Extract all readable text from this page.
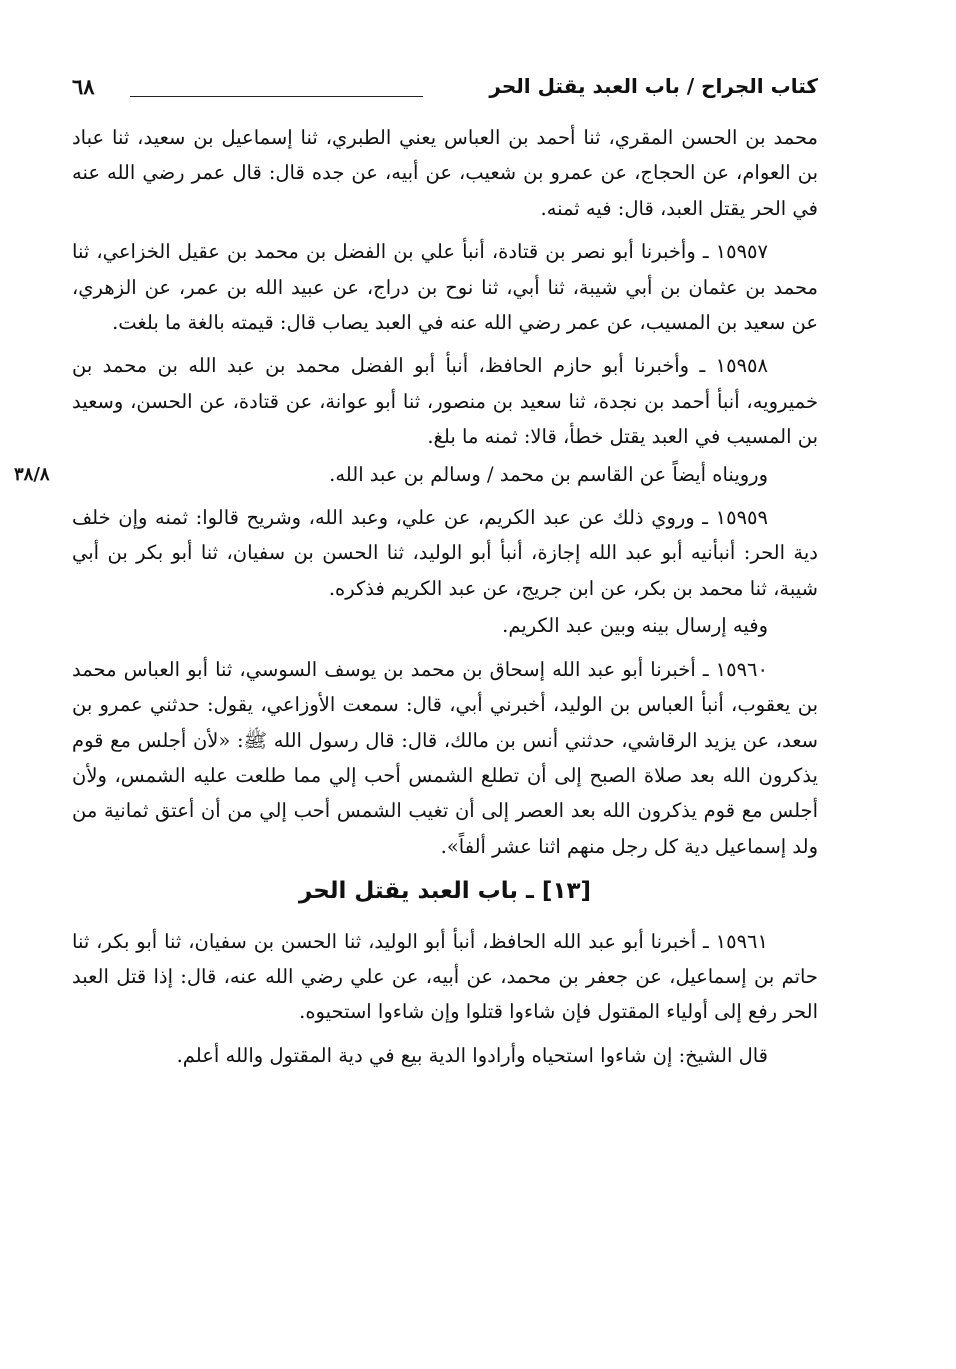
كتاب الجراح / باب العبد يقتل الحر
٦٨

محمد بن الحسن المقري، ثنا أحمد بن العباس يعني الطبري، ثنا إسماعيل بن سعيد، ثنا عباد بن العوام، عن الحجاج، عن عمرو بن شعيب، عن أبيه، عن جده قال: قال عمر رضي الله عنه في الحر يقتل العبد، قال: فيه ثمنه.

١٥٩٥٧ ـ وأخبرنا أبو نصر بن قتادة، أنبأ علي بن الفضل بن محمد بن عقيل الخزاعي، ثنا محمد بن عثمان بن أبي شيبة، ثنا أبي، ثنا نوح بن دراج، عن عبيد الله بن عمر، عن الزهري، عن سعيد بن المسيب، عن عمر رضي الله عنه في العبد يصاب قال: قيمته بالغة ما بلغت.

١٥٩٥٨ ـ وأخبرنا أبو حازم الحافظ، أنبأ أبو الفضل محمد بن عبد الله بن محمد بن خميرويه، أنبأ أحمد بن نجدة، ثنا سعيد بن منصور، ثنا أبو عوانة، عن قتادة، عن الحسن، وسعيد بن المسيب في العبد يقتل خطأ، قالا: ثمنه ما بلغ.

ورويناه أيضاً عن القاسم بن محمد / وسالم بن عبد الله.

٣٨/٨

١٥٩٥٩ ـ وروي ذلك عن عبد الكريم، عن علي، وعبد الله، وشريح قالوا: ثمنه وإن خلف دية الحر: أنبأنيه أبو عبد الله إجازة، أنبأ أبو الوليد، ثنا الحسن بن سفيان، ثنا أبو بكر بن أبي شيبة، ثنا محمد بن بكر، عن ابن جريج، عن عبد الكريم فذكره.

وفيه إرسال بينه وبين عبد الكريم.

١٥٩٦٠ ـ أخبرنا أبو عبد الله إسحاق بن محمد بن يوسف السوسي، ثنا أبو العباس محمد بن يعقوب، أنبأ العباس بن الوليد، أخبرني أبي، قال: سمعت الأوزاعي، يقول: حدثني عمرو بن سعد، عن يزيد الرقاشي، حدثني أنس بن مالك، قال: قال رسول الله ﷺ: «لأن أجلس مع قوم يذكرون الله بعد صلاة الصبح إلى أن تطلع الشمس أحب إلي مما طلعت عليه الشمس، ولأن أجلس مع قوم يذكرون الله بعد العصر إلى أن تغيب الشمس أحب إلي من أن أعتق ثمانية من ولد إسماعيل دية كل رجل منهم اثنا عشر ألفاً».

[١٣] ـ باب العبد يقتل الحر

١٥٩٦١ ـ أخبرنا أبو عبد الله الحافظ، أنبأ أبو الوليد، ثنا الحسن بن سفيان، ثنا أبو بكر، ثنا حاتم بن إسماعيل، عن جعفر بن محمد، عن أبيه، عن علي رضي الله عنه، قال: إذا قتل العبد الحر رفع إلى أولياء المقتول فإن شاءوا قتلوا وإن شاءوا استحيوه.

قال الشيخ: إن شاءوا استحياه وأرادوا الدية بيع في دية المقتول والله أعلم.
